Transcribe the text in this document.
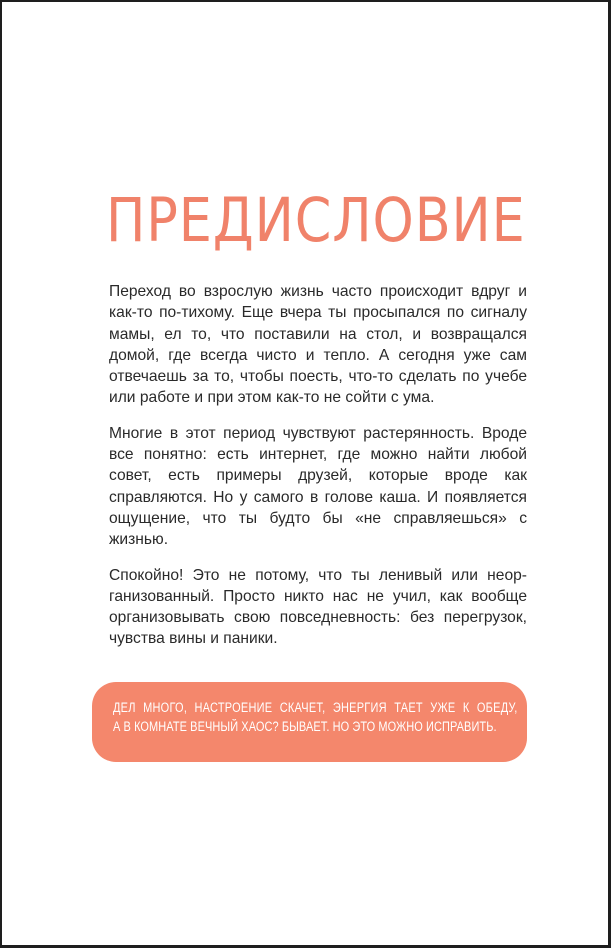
ПРЕДИСЛОВИЕ

Переход во взрослую жизнь часто происходит вдруг и как-то по-тихому. Еще вчера ты просыпался по сигналу мамы, ел то, что поставили на стол, и возвращался домой, где всегда чисто и тепло. А сегодня уже сам отвечаешь за то, чтобы поесть, что-то сделать по учебе или работе и при этом как-то не сойти с ума.

Многие в этот период чувствуют растерянность. Вроде все понятно: есть интернет, где можно найти любой совет, есть примеры друзей, которые вроде как справляются. Но у самого в голове каша. И появляется ощущение, что ты будто бы «не справляешься» с жизнью.

Спокойно! Это не потому, что ты ленивый или неорганизованный. Просто никто нас не учил, как вообще организовывать свою повседневность: без перегрузок, чувства вины и паники.

ДЕЛ МНОГО, НАСТРОЕНИЕ СКАЧЕТ, ЭНЕРГИЯ ТАЕТ УЖЕ К ОБЕДУ,
А В КОМНАТЕ ВЕЧНЫЙ ХАОС? БЫВАЕТ. НО ЭТО МОЖНО ИСПРАВИТЬ.
